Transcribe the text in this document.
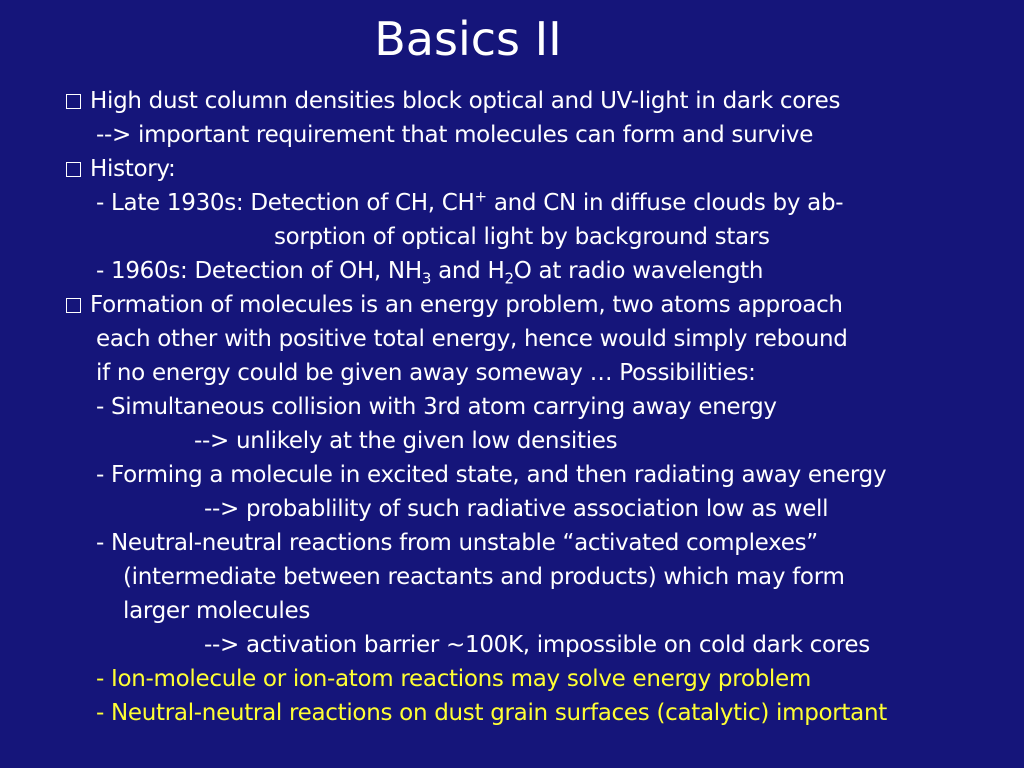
Basics II
High dust column densities block optical and UV-light in dark cores
--> important requirement that molecules can form and survive
History:
- Late 1930s: Detection of CH, CH+ and CN in diffuse clouds by ab-
sorption of optical light by background stars
- 1960s: Detection of OH, $NH_3$ and $H_2O$ at radio wavelength
Formation of molecules is an energy problem, two atoms approach
each other with positive total energy, hence would simply rebound
if no energy could be given away someway … Possibilities:
- Simultaneous collision with 3rd atom carrying away energy
--> unlikely at the given low densities
- Forming a molecule in excited state, and then radiating away energy
--> probablility of such radiative association low as well
- Neutral-neutral reactions from unstable “activated complexes”
(intermediate between reactants and products) which may form
larger molecules
--> activation barrier ~100K, impossible on cold dark cores
- Ion-molecule or ion-atom reactions may solve energy problem
- Neutral-neutral reactions on dust grain surfaces (catalytic) important
